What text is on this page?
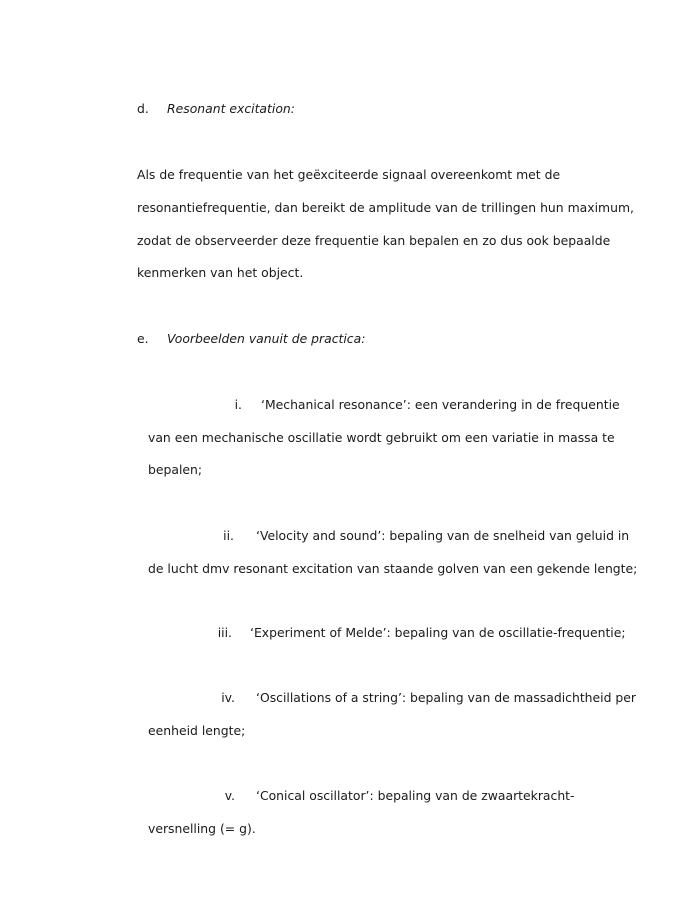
d. Resonant excitation:
Als de frequentie van het geëxciteerde signaal overeenkomt met de
resonantiefrequentie, dan bereikt de amplitude van de trillingen hun maximum,
zodat de observeerder deze frequentie kan bepalen en zo dus ook bepaalde
kenmerken van het object.
e. Voorbeelden vanuit de practica:
i. ‘Mechanical resonance’: een verandering in de frequentie
van een mechanische oscillatie wordt gebruikt om een variatie in massa te
bepalen;
ii. ‘Velocity and sound’: bepaling van de snelheid van geluid in
de lucht dmv resonant excitation van staande golven van een gekende lengte;
iii. ‘Experiment of Melde’: bepaling van de oscillatie-frequentie;
iv. ‘Oscillations of a string’: bepaling van de massadichtheid per
eenheid lengte;
v. ‘Conical oscillator’: bepaling van de zwaartekracht-
versnelling (= g).
